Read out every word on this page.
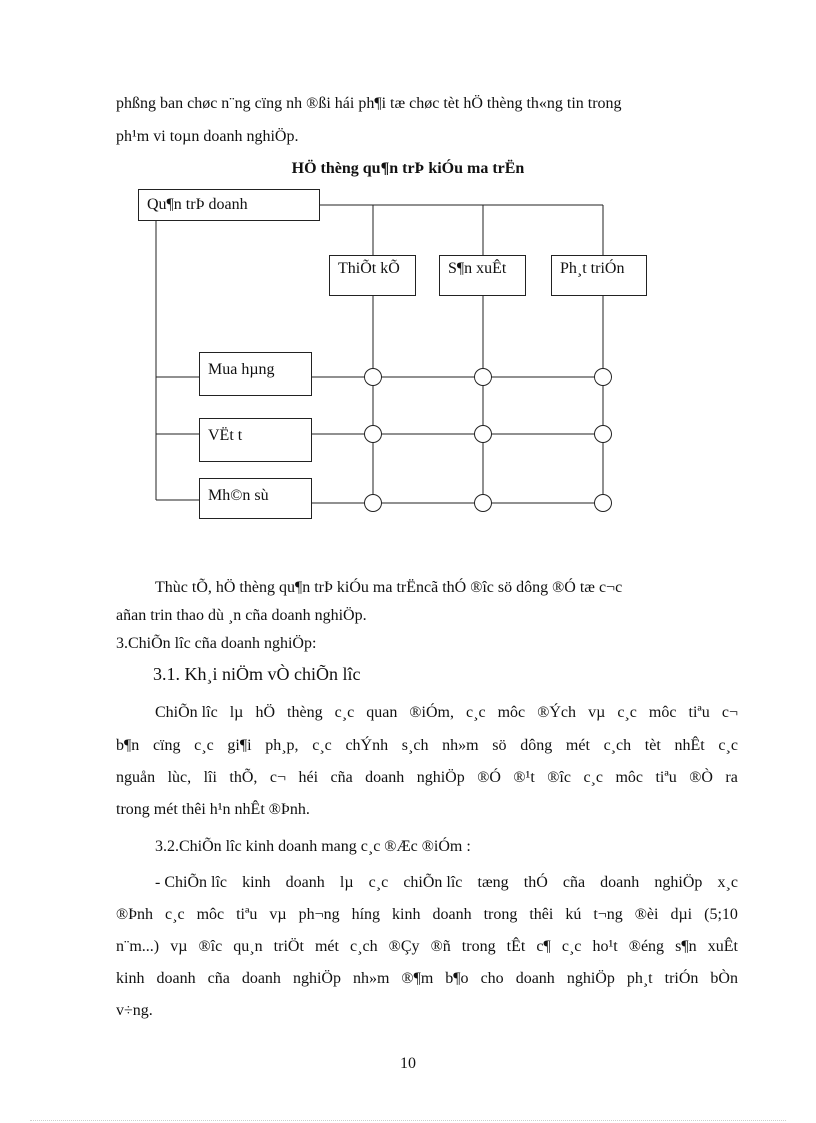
phßng ban chøc n¨ng cïng nh ®ßi hái ph¶i tæ chøc tèt hÖ thèng th«ng tin trong
ph¹m vi toµn doanh nghiÖp.
HÖ thèng qu¶n trÞ kiÓu ma trËn
Qu¶n trÞ doanh
ThiÕt kÕ	S¶n xuÊt	Ph¸t triÓn
Mua hµng
VËt t
Mh©n sù
Thùc tÕ, hÖ thèng qu¶n trÞ kiÓu ma trËncã thÓ ®îc sö dông ®Ó tæ c¬c
añan trin thao dù ¸n cña doanh nghiÖp.
3.ChiÕn lîc cña doanh nghiÖp:
3.1. Kh¸i niÖm vÒ chiÕn lîc
ChiÕn lîc lµ hÖ thèng c¸c quan ®iÓm, c¸c môc ®Ých vµ c¸c môc tiªu c¬
b¶n cïng c¸c gi¶i ph¸p, c¸c chÝnh s¸ch nh»m sö dông mét c¸ch tèt nhÊt c¸c
nguån lùc, lîi thÕ, c¬ héi cña doanh nghiÖp ®Ó ®¹t ®îc c¸c môc tiªu ®Ò ra
trong mét thêi h¹n nhÊt ®Þnh.
3.2.ChiÕn lîc kinh doanh mang c¸c ®Æc ®iÓm :
- ChiÕn lîc kinh doanh lµ c¸c chiÕn lîc tæng thÓ cña doanh nghiÖp x¸c
®Þnh c¸c môc tiªu vµ ph¬ng híng kinh doanh trong thêi kú t¬ng ®èi dµi (5;10
n¨m...) vµ ®îc qu¸n triÖt mét c¸ch ®Çy ®ñ trong tÊt c¶ c¸c ho¹t ®éng s¶n xuÊt
kinh doanh cña doanh nghiÖp nh»m ®¶m b¶o cho doanh nghiÖp ph¸t triÓn bÒn
v÷ng.
10
